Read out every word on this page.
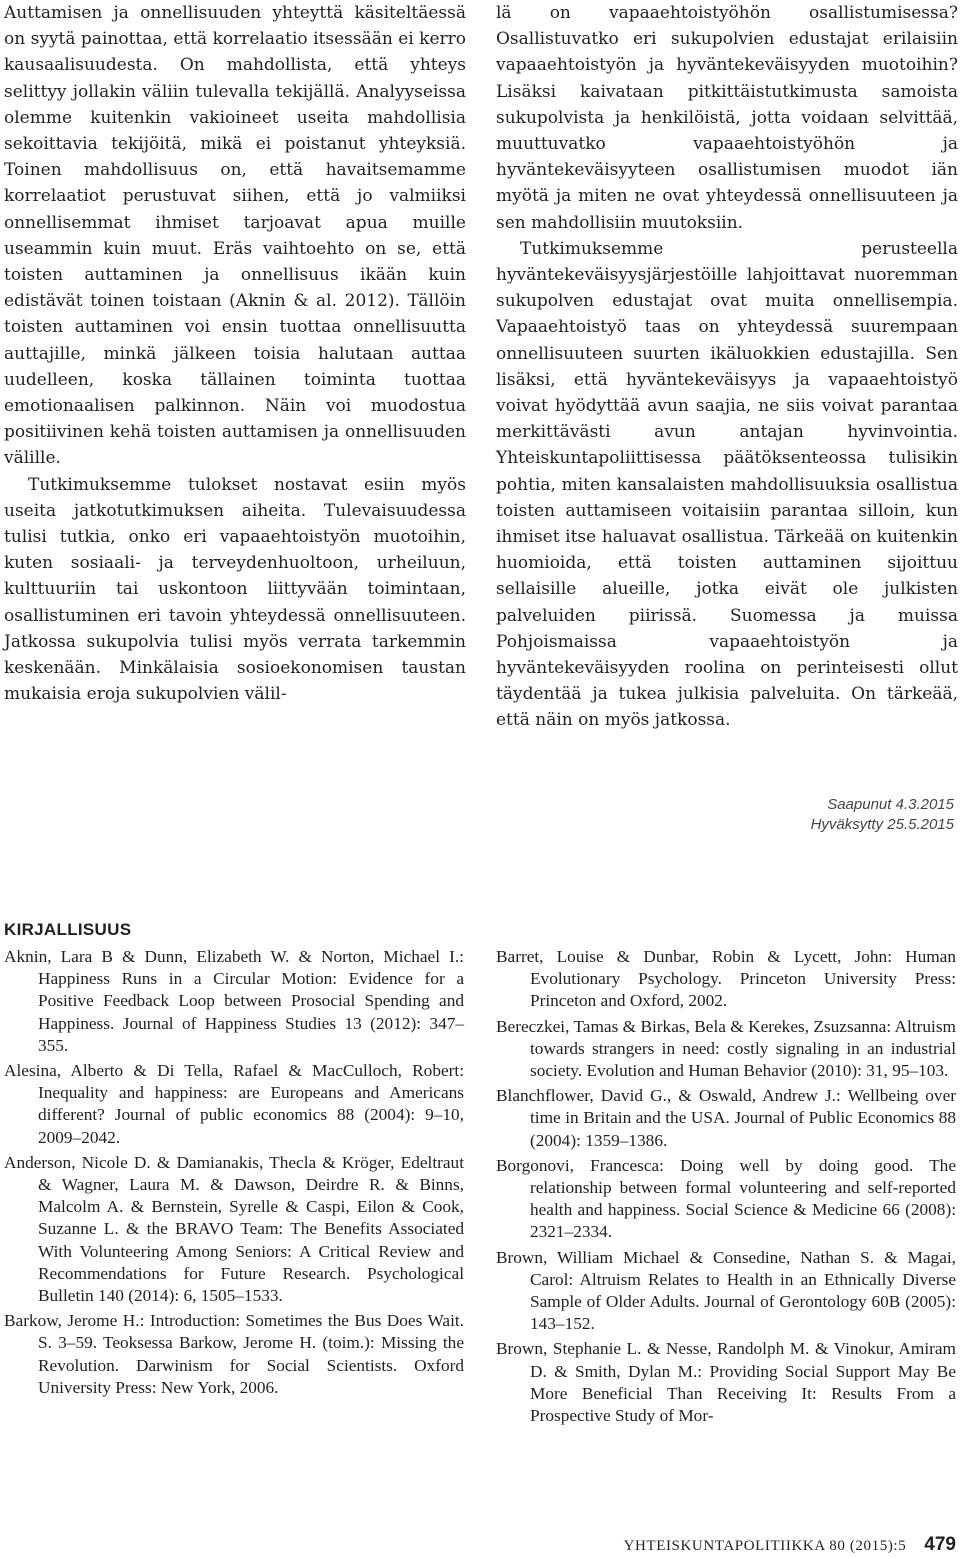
Auttamisen ja onnellisuuden yhteyttä käsiteltäessä on syytä painottaa, että korrelaatio itsessään ei kerro kausaalisuudesta. On mahdollista, että yhteys selittyy jollakin väliin tulevalla tekijällä. Analyyseissa olemme kuitenkin vakioineet useita mahdollisia sekoittavia tekijöitä, mikä ei poistanut yhteyksiä. Toinen mahdollisuus on, että havaitsemamme korrelaatiot perustuvat siihen, että jo valmiiksi onnellisemmat ihmiset tarjoavat apua muille useammin kuin muut. Eräs vaihtoehto on se, että toisten auttaminen ja onnellisuus ikään kuin edistävät toinen toistaan (Aknin & al. 2012). Tällöin toisten auttaminen voi ensin tuottaa onnellisuutta auttajille, minkä jälkeen toisia halutaan auttaa uudelleen, koska tällainen toiminta tuottaa emotionaalisen palkinnon. Näin voi muodostua positiivinen kehä toisten auttamisen ja onnellisuuden välille.

Tutkimuksemme tulokset nostavat esiin myös useita jatkotutkimuksen aiheita. Tulevaisuudessa tulisi tutkia, onko eri vapaaehtoistyön muotoihin, kuten sosiaali- ja terveydenhuoltoon, urheiluun, kulttuuriin tai uskontoon liittyvään toimintaan, osallistuminen eri tavoin yhteydessä onnellisuuteen. Jatkossa sukupolvia tulisi myös verrata tarkemmin keskenään. Minkälaisia sosioekonomisen taustan mukaisia eroja sukupolvien välil-

lä on vapaaehtoistyöhön osallistumisessa? Osallistuvatko eri sukupolvien edustajat erilaisiin vapaaehtoistyön ja hyväntekeväisyyden muotoihin? Lisäksi kaivataan pitkittäistutkimusta samoista sukupolvista ja henkilöistä, jotta voidaan selvittää, muuttuvatko vapaaehtoistyöhön ja hyväntekeväisyyteen osallistumisen muodot iän myötä ja miten ne ovat yhteydessä onnellisuuteen ja sen mahdollisiin muutoksiin.

Tutkimuksemme perusteella hyväntekeväisyysjärjestöille lahjoittavat nuoremman sukupolven edustajat ovat muita onnellisempia. Vapaaehtoistyö taas on yhteydessä suurempaan onnellisuuteen suurten ikäluokkien edustajilla. Sen lisäksi, että hyväntekeväisyys ja vapaaehtoistyö voivat hyödyttää avun saajia, ne siis voivat parantaa merkittävästi avun antajan hyvinvointia. Yhteiskuntapoliittisessa päätöksenteossa tulisikin pohtia, miten kansalaisten mahdollisuuksia osallistua toisten auttamiseen voitaisiin parantaa silloin, kun ihmiset itse haluavat osallistua. Tärkeää on kuitenkin huomioida, että toisten auttaminen sijoittuu sellaisille alueille, jotka eivät ole julkisten palveluiden piirissä. Suomessa ja muissa Pohjoismaissa vapaaehtoistyön ja hyväntekeväisyyden roolina on perinteisesti ollut täydentää ja tukea julkisia palveluita. On tärkeää, että näin on myös jatkossa.

Saapunut 4.3.2015
Hyväksytty 25.5.2015
KIRJALLISUUS

Aknin, Lara B & Dunn, Elizabeth W. & Norton, Michael I.: Happiness Runs in a Circular Motion: Evidence for a Positive Feedback Loop between Prosocial Spending and Happiness. Journal of Happiness Studies 13 (2012): 347–355.

Alesina, Alberto & Di Tella, Rafael & MacCulloch, Robert: Inequality and happiness: are Europeans and Americans different? Journal of public economics 88 (2004): 9–10, 2009–2042.

Anderson, Nicole D. & Damianakis, Thecla & Kröger, Edeltraut & Wagner, Laura M. & Dawson, Deirdre R. & Binns, Malcolm A. & Bernstein, Syrelle & Caspi, Eilon & Cook, Suzanne L. & the BRAVO Team: The Benefits Associated With Volunteering Among Seniors: A Critical Review and Recommendations for Future Research. Psychological Bulletin 140 (2014): 6, 1505–1533.

Barkow, Jerome H.: Introduction: Sometimes the Bus Does Wait. S. 3–59. Teoksessa Barkow, Jerome H. (toim.): Missing the Revolution. Darwinism for Social Scientists. Oxford University Press: New York, 2006.

Barret, Louise & Dunbar, Robin & Lycett, John: Human Evolutionary Psychology. Princeton University Press: Princeton and Oxford, 2002.

Bereczkei, Tamas & Birkas, Bela & Kerekes, Zsuzsanna: Altruism towards strangers in need: costly signaling in an industrial society. Evolution and Human Behavior (2010): 31, 95–103.

Blanchflower, David G., & Oswald, Andrew J.: Wellbeing over time in Britain and the USA. Journal of Public Economics 88 (2004): 1359–1386.

Borgonovi, Francesca: Doing well by doing good. The relationship between formal volunteering and self-reported health and happiness. Social Science & Medicine 66 (2008): 2321–2334.

Brown, William Michael & Consedine, Nathan S. & Magai, Carol: Altruism Relates to Health in an Ethnically Diverse Sample of Older Adults. Journal of Gerontology 60B (2005): 143–152.

Brown, Stephanie L. & Nesse, Randolph M. & Vinokur, Amiram D. & Smith, Dylan M.: Providing Social Support May Be More Beneficial Than Receiving It: Results From a Prospective Study of Mor-

YHTEISKUNTAPOLITIIKKA 80 (2015):5 479
